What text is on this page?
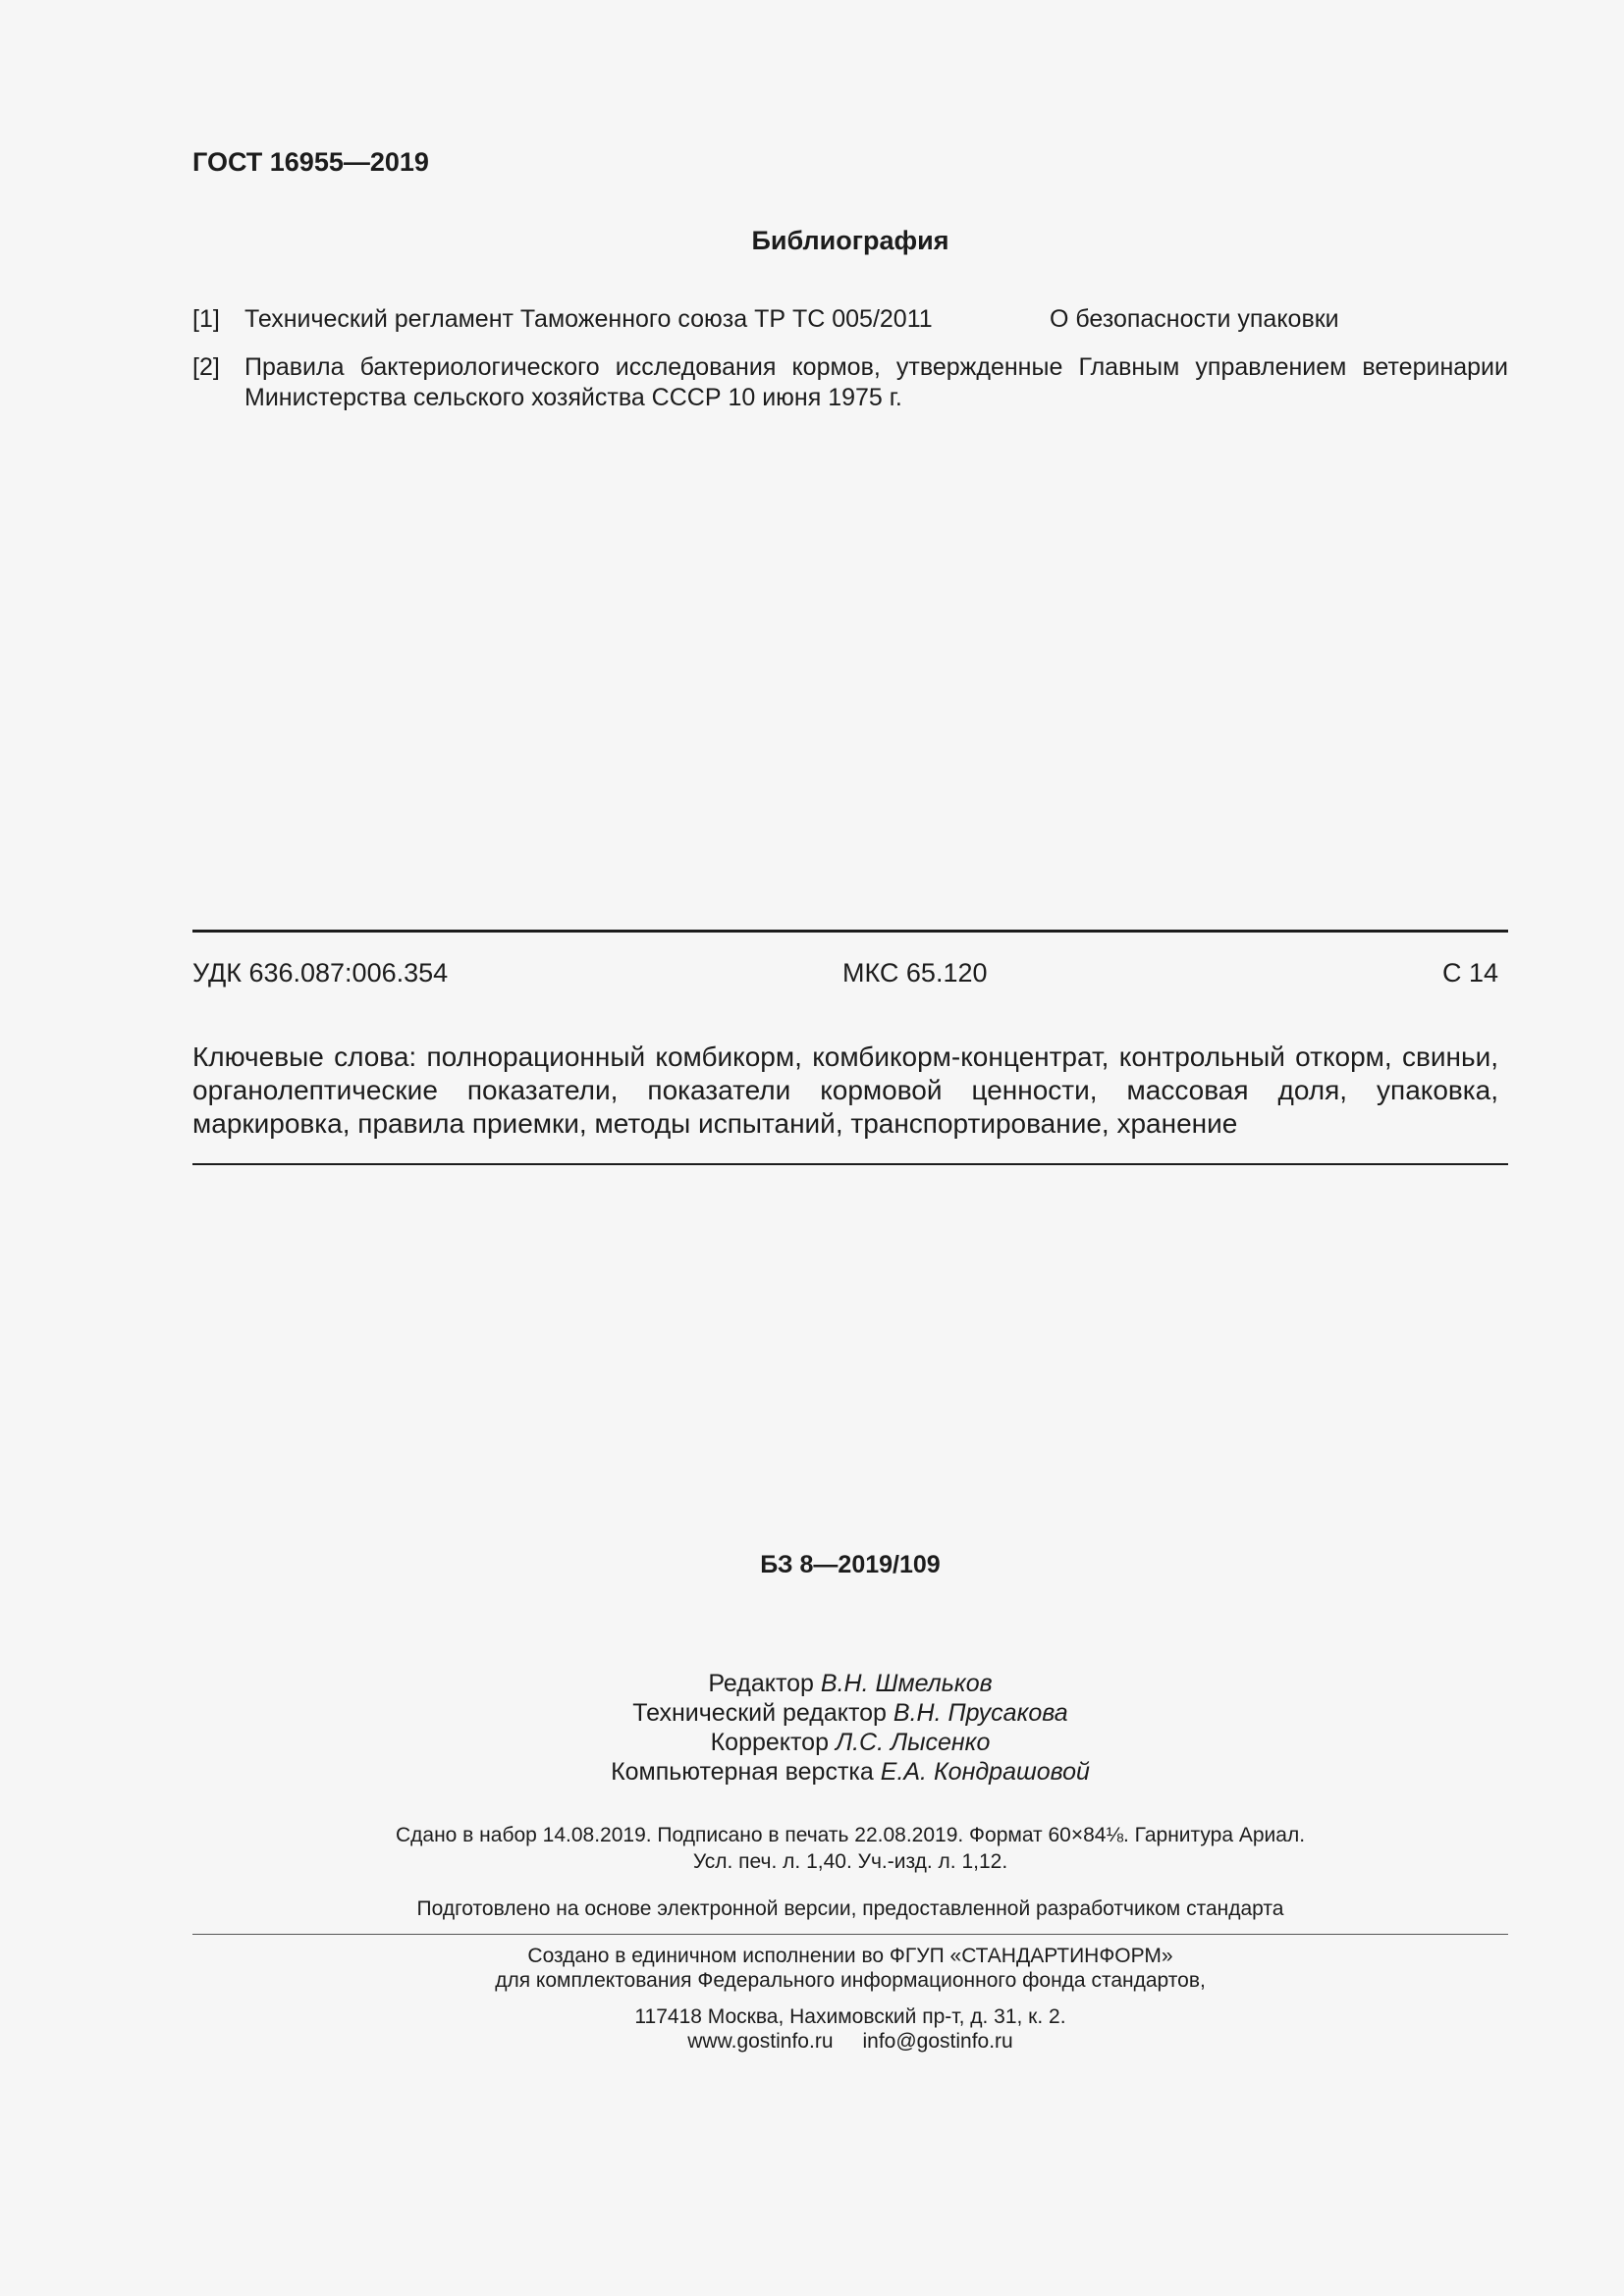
ГОСТ 16955—2019
Библиография
[1] Технический регламент Таможенного союза ТР ТС 005/2011	О безопасности упаковки
[2] Правила бактериологического исследования кормов, утвержденные Главным управлением ветеринарии Министерства сельского хозяйства СССР 10 июня 1975 г.
УДК 636.087:006.354	МКС 65.120	С 14
Ключевые слова: полнорационный комбикорм, комбикорм-концентрат, контрольный откорм, свиньи, органолептические показатели, показатели кормовой ценности, массовая доля, упаковка, маркировка, правила приемки, методы испытаний, транспортирование, хранение
БЗ 8—2019/109
Редактор В.Н. Шмельков
Технический редактор В.Н. Прусакова
Корректор Л.С. Лысенко
Компьютерная верстка Е.А. Кондрашовой
Сдано в набор 14.08.2019. Подписано в печать 22.08.2019. Формат 60×84⅛. Гарнитура Ариал.
Усл. печ. л. 1,40. Уч.-изд. л. 1,12.
Подготовлено на основе электронной версии, предоставленной разработчиком стандарта
Создано в единичном исполнении во ФГУП «СТАНДАРТИНФОРМ»
для комплектования Федерального информационного фонда стандартов,
117418 Москва, Нахимовский пр-т, д. 31, к. 2.
www.gostinfo.ru info@gostinfo.ru
